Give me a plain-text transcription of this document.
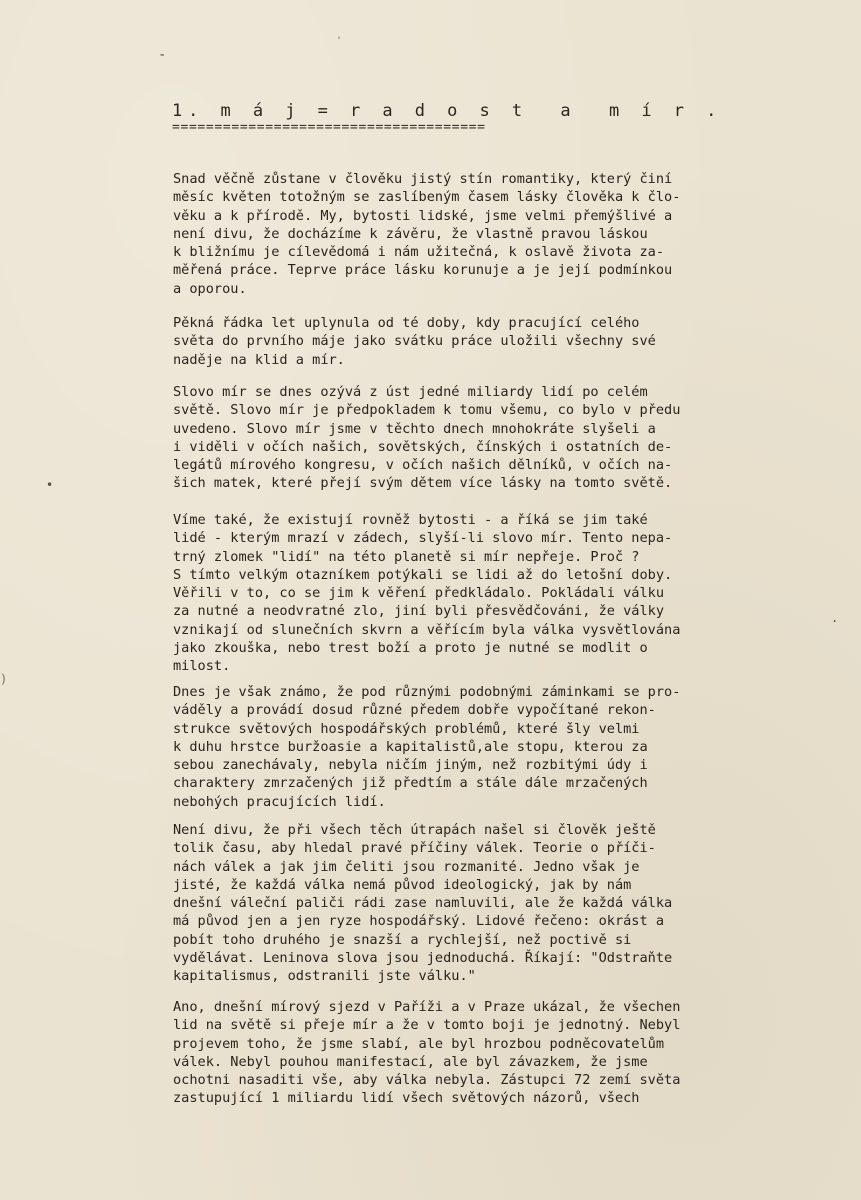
ˈ
-
•
.
)
1. m á j = r a d o s t  a  m í r .
=====================================
Snad věčně zůstane v člověku jistý stín romantiky, který činí
měsíc květen totožným se zaslíbeným časem lásky člověka k člo-
věku a k přírodě. My, bytosti lidské, jsme velmi přemýšlivé a
není divu, že docházíme k závěru, že vlastně pravou láskou
k bližnímu je cílevědomá i nám užitečná, k oslavě života za-
měřená práce. Teprve práce lásku korunuje a je její podmínkou
a oporou.
Pěkná řádka let uplynula od té doby, kdy pracující celého
světa do prvního máje jako svátku práce uložili všechny své
naděje na klid a mír.
Slovo mír se dnes ozývá z úst jedné miliardy lidí po celém
světě. Slovo mír je předpokladem k tomu všemu, co bylo v předu
uvedeno. Slovo mír jsme v těchto dnech mnohokráte slyšeli a
i viděli v očích našich, sovětských, čínských i ostatních de-
legátů mírového kongresu, v očích našich dělníků, v očích na-
šich matek, které přejí svým dětem více lásky na tomto světě.
Víme také, že existují rovněž bytosti - a říká se jim také
lidé - kterým mrazí v zádech, slyší-li slovo mír. Tento nepa-
trný zlomek "lidí" na této planetě si mír nepřeje. Proč ?
S tímto velkým otazníkem potýkali se lidi až do letošní doby.
Věřili v to, co se jim k věření předkládalo. Pokládali válku
za nutné a neodvratné zlo, jiní byli přesvědčováni, že války
vznikají od slunečních skvrn a věřícím byla válka vysvětlována
jako zkouška, nebo trest boží a proto je nutné se modlit o
milost.
Dnes je však známo, že pod různými podobnými záminkami se pro-
váděly a provádí dosud různé předem dobře vypočítané rekon-
strukce světových hospodářských problémů, které šly velmi
k duhu hrstce buržoasie a kapitalistů,ale stopu, kterou za
sebou zanechávaly, nebyla ničím jiným, než rozbitými údy i
charaktery zmrzačených již předtím a stále dále mrzačených
nebohých pracujících lidí.
Není divu, že při všech těch útrapách našel si člověk ještě
tolik času, aby hledal pravé příčiny válek. Teorie o příči-
nách válek a jak jim čeliti jsou rozmanité. Jedno však je
jisté, že každá válka nemá původ ideologický, jak by nám
dnešní váleční paliči rádi zase namluvili, ale že každá válka
má původ jen a jen ryze hospodářský. Lidové řečeno: okrást a
pobít toho druhého je snazší a rychlejší, než poctivě si
vydělávat. Leninova slova jsou jednoduchá. Říkají: "Odstraňte
kapitalismus, odstranili jste válku."
Ano, dnešní mírový sjezd v Paříži a v Praze ukázal, že všechen
lid na světě si přeje mír a že v tomto boji je jednotný. Nebyl
projevem toho, že jsme slabí, ale byl hrozbou podněcovatelům
válek. Nebyl pouhou manifestací, ale byl závazkem, že jsme
ochotni nasaditi vše, aby válka nebyla. Zástupci 72 zemí světa
zastupující 1 miliardu lidí všech světových názorů, všech
